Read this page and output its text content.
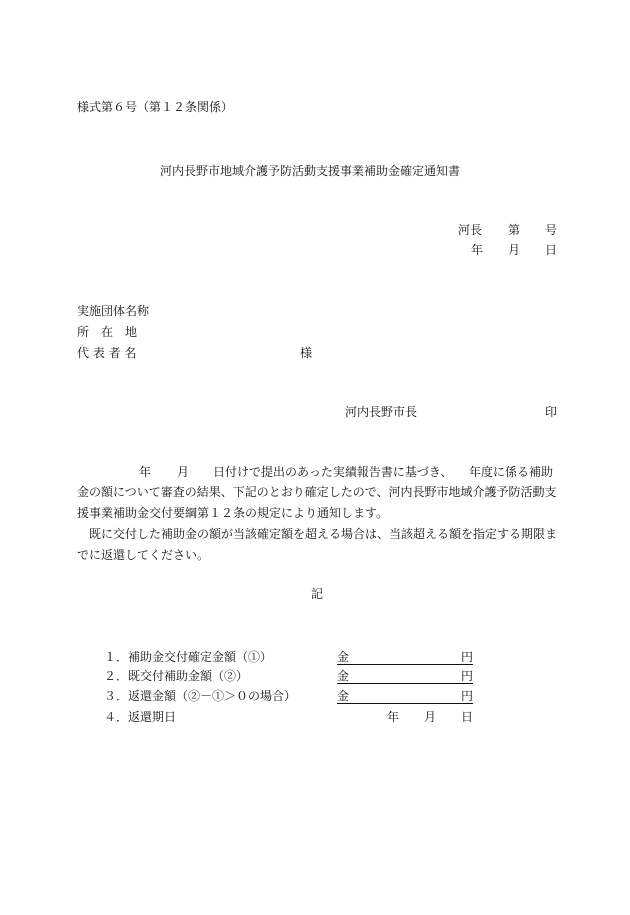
様式第６号（第１２条関係）
河内長野市地域介護予防活動支援事業補助金確定通知書
河長 第 号
年 月 日
実施団体名称
所　在　地
代 表 者 名	様
河内長野市長	印
年 月 日付けで提出のあった実績報告書に基づき、 年度に係る補助
金の額について審査の結果、下記のとおり確定したので、河内長野市地域介護予防活動支援事業補助金交付要綱第１２条の規定により通知します。
既に交付した補助金の額が当該確定額を超える場合は、当該超える額を指定する期限までに返還してください。
記
１．補助金交付確定金額（①）	金	円
２．既交付補助金額（②）	金	円
３．返還金額（②－①＞０の場合）	金	円
４．返還期日	年 月 日
